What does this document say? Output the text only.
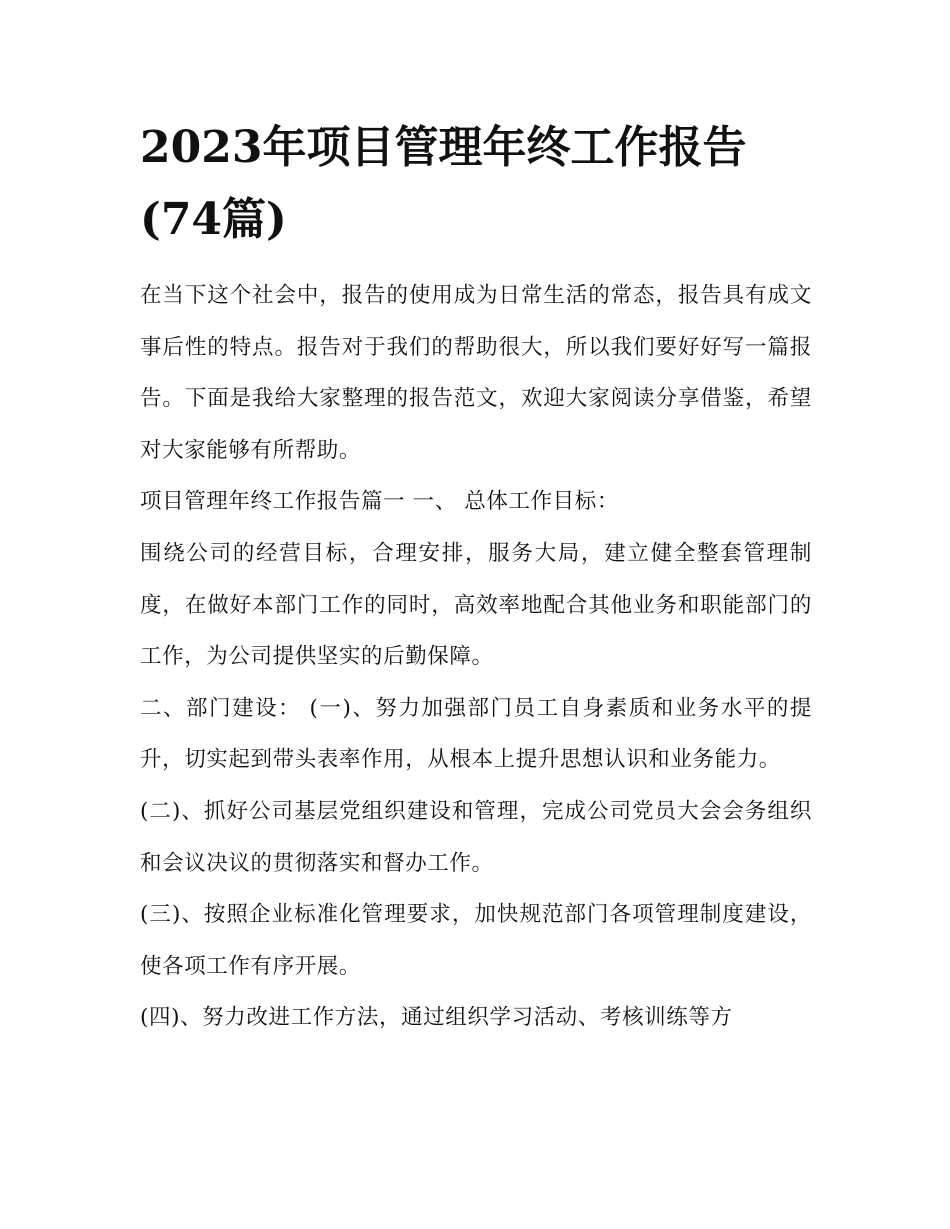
2023年项目管理年终工作报告(74篇)

在当下这个社会中，报告的使用成为日常生活的常态，报告具有成文事后性的特点。报告对于我们的帮助很大，所以我们要好好写一篇报告。下面是我给大家整理的报告范文，欢迎大家阅读分享借鉴，希望对大家能够有所帮助。

项目管理年终工作报告篇一 一、 总体工作目标：

围绕公司的经营目标，合理安排，服务大局，建立健全整套管理制度，在做好本部门工作的同时，高效率地配合其他业务和职能部门的工作，为公司提供坚实的后勤保障。

二、部门建设： (一)、努力加强部门员工自身素质和业务水平的提升，切实起到带头表率作用，从根本上提升思想认识和业务能力。

(二)、抓好公司基层党组织建设和管理，完成公司党员大会会务组织和会议决议的贯彻落实和督办工作。

(三)、按照企业标准化管理要求，加快规范部门各项管理制度建设，使各项工作有序开展。

(四)、努力改进工作方法，通过组织学习活动、考核训练等方
